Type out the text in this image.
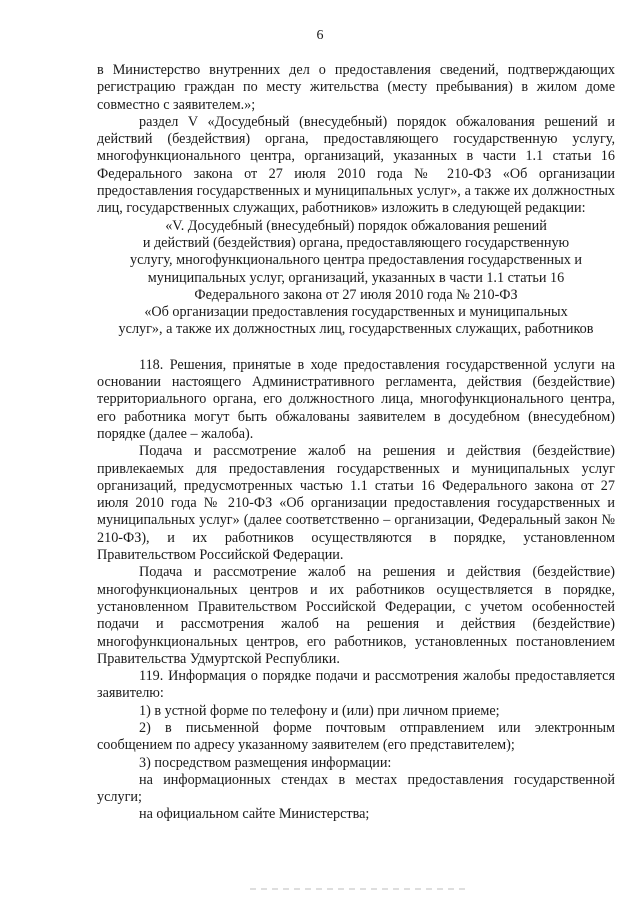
6

в Министерство внутренних дел о предоставления сведений, подтверждающих регистрацию граждан по месту жительства (месту пребывания) в жилом доме совместно с заявителем.»;

раздел V «Досудебный (внесудебный) порядок обжалования решений и действий (бездействия) органа, предоставляющего государственную услугу, многофункционального центра, организаций, указанных в части 1.1 статьи 16 Федерального закона от 27 июля 2010 года № 210-ФЗ «Об организации предоставления государственных и муниципальных услуг», а также их должностных лиц, государственных служащих, работников» изложить в следующей редакции:

«V. Досудебный (внесудебный) порядок обжалования решений
и действий (бездействия) органа, предоставляющего государственную
услугу, многофункционального центра предоставления государственных и
муниципальных услуг, организаций, указанных в части 1.1 статьи 16
Федерального закона от 27 июля 2010 года № 210-ФЗ
«Об организации предоставления государственных и муниципальных
услуг», а также их должностных лиц, государственных служащих, работников

118. Решения, принятые в ходе предоставления государственной услуги на основании настоящего Административного регламента, действия (бездействие) территориального органа, его должностного лица, многофункционального центра, его работника могут быть обжалованы заявителем в досудебном (внесудебном) порядке (далее – жалоба).

Подача и рассмотрение жалоб на решения и действия (бездействие) привлекаемых для предоставления государственных и муниципальных услуг организаций, предусмотренных частью 1.1 статьи 16 Федерального закона от 27 июля 2010 года № 210-ФЗ «Об организации предоставления государственных и муниципальных услуг» (далее соответственно – организации, Федеральный закон № 210-ФЗ), и их работников осуществляются в порядке, установленном Правительством Российской Федерации.

Подача и рассмотрение жалоб на решения и действия (бездействие) многофункциональных центров и их работников осуществляется в порядке, установленном Правительством Российской Федерации, с учетом особенностей подачи и рассмотрения жалоб на решения и действия (бездействие) многофункциональных центров, его работников, установленных постановлением Правительства Удмуртской Республики.

119. Информация о порядке подачи и рассмотрения жалобы предоставляется заявителю:

1) в устной форме по телефону и (или) при личном приеме;

2) в письменной форме почтовым отправлением или электронным сообщением по адресу указанному заявителем (его представителем);

3) посредством размещения информации:

на информационных стендах в местах предоставления государственной услуги;

на официальном сайте Министерства;
